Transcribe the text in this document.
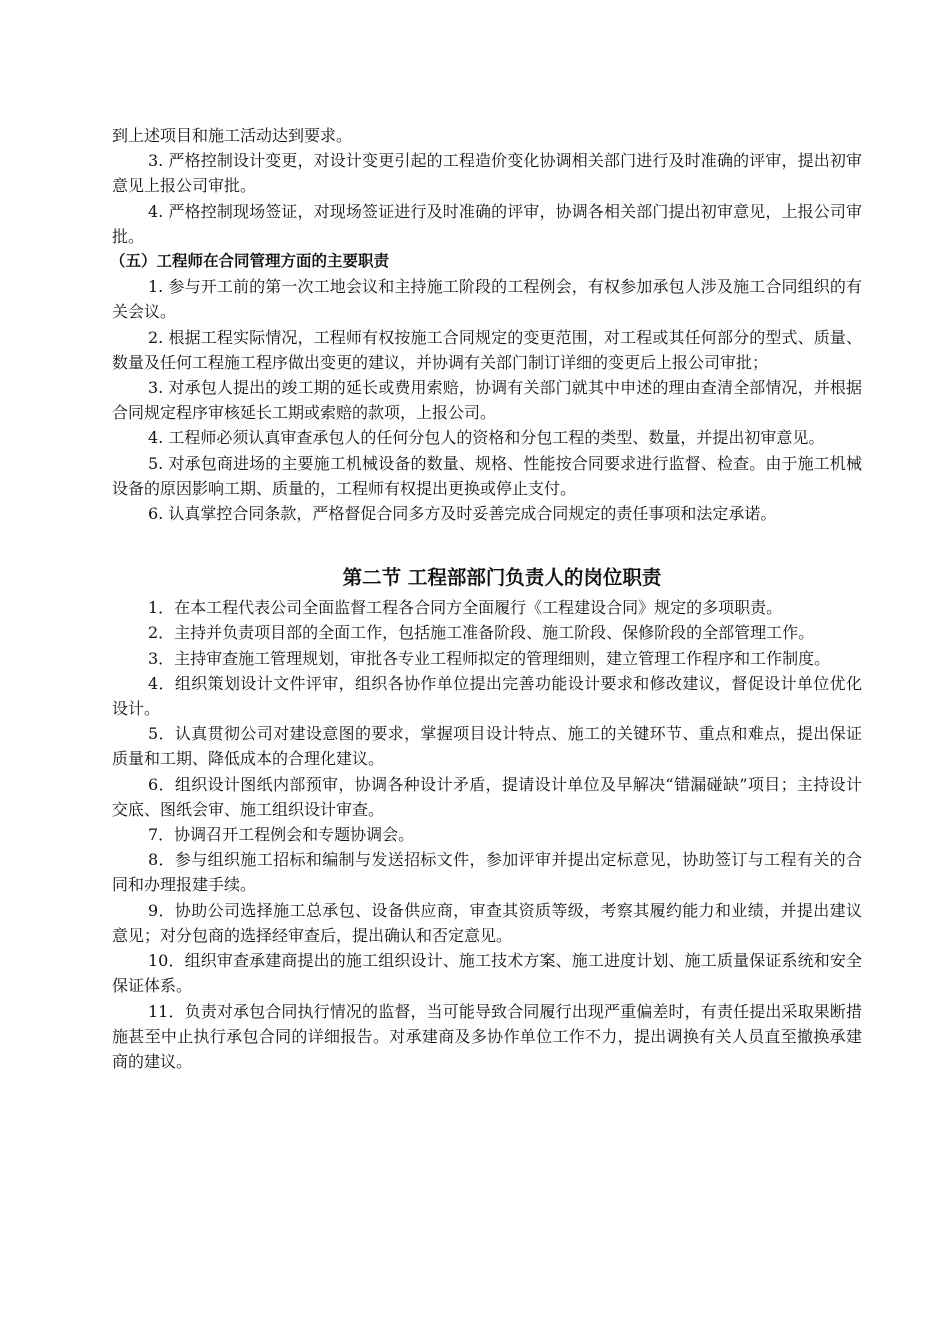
到上述项目和施工活动达到要求。

3. 严格控制设计变更，对设计变更引起的工程造价变化协调相关部门进行及时准确的评审，提出初审意见上报公司审批。

4. 严格控制现场签证，对现场签证进行及时准确的评审，协调各相关部门提出初审意见，上报公司审批。

（五）工程师在合同管理方面的主要职责

1. 参与开工前的第一次工地会议和主持施工阶段的工程例会，有权参加承包人涉及施工合同组织的有关会议。

2. 根据工程实际情况，工程师有权按施工合同规定的变更范围，对工程或其任何部分的型式、质量、数量及任何工程施工程序做出变更的建议，并协调有关部门制订详细的变更后上报公司审批；

3. 对承包人提出的竣工期的延长或费用索赔，协调有关部门就其中申述的理由查清全部情况，并根据合同规定程序审核延长工期或索赔的款项，上报公司。

4. 工程师必须认真审查承包人的任何分包人的资格和分包工程的类型、数量，并提出初审意见。

5. 对承包商进场的主要施工机械设备的数量、规格、性能按合同要求进行监督、检查。由于施工机械设备的原因影响工期、质量的，工程师有权提出更换或停止支付。

6. 认真掌控合同条款，严格督促合同多方及时妥善完成合同规定的责任事项和法定承诺。

第二节 工程部部门负责人的岗位职责

1．在本工程代表公司全面监督工程各合同方全面履行《工程建设合同》规定的多项职责。

2．主持并负责项目部的全面工作，包括施工准备阶段、施工阶段、保修阶段的全部管理工作。

3．主持审查施工管理规划，审批各专业工程师拟定的管理细则，建立管理工作程序和工作制度。

4．组织策划设计文件评审，组织各协作单位提出完善功能设计要求和修改建议，督促设计单位优化设计。

5．认真贯彻公司对建设意图的要求，掌握项目设计特点、施工的关键环节、重点和难点，提出保证质量和工期、降低成本的合理化建议。

6．组织设计图纸内部预审，协调各种设计矛盾，提请设计单位及早解决“错漏碰缺”项目；主持设计交底、图纸会审、施工组织设计审查。

7．协调召开工程例会和专题协调会。

8．参与组织施工招标和编制与发送招标文件，参加评审并提出定标意见，协助签订与工程有关的合同和办理报建手续。

9．协助公司选择施工总承包、设备供应商，审查其资质等级，考察其履约能力和业绩，并提出建议意见；对分包商的选择经审查后，提出确认和否定意见。

10．组织审查承建商提出的施工组织设计、施工技术方案、施工进度计划、施工质量保证系统和安全保证体系。

11．负责对承包合同执行情况的监督，当可能导致合同履行出现严重偏差时，有责任提出采取果断措施甚至中止执行承包合同的详细报告。对承建商及多协作单位工作不力，提出调换有关人员直至撤换承建商的建议。
